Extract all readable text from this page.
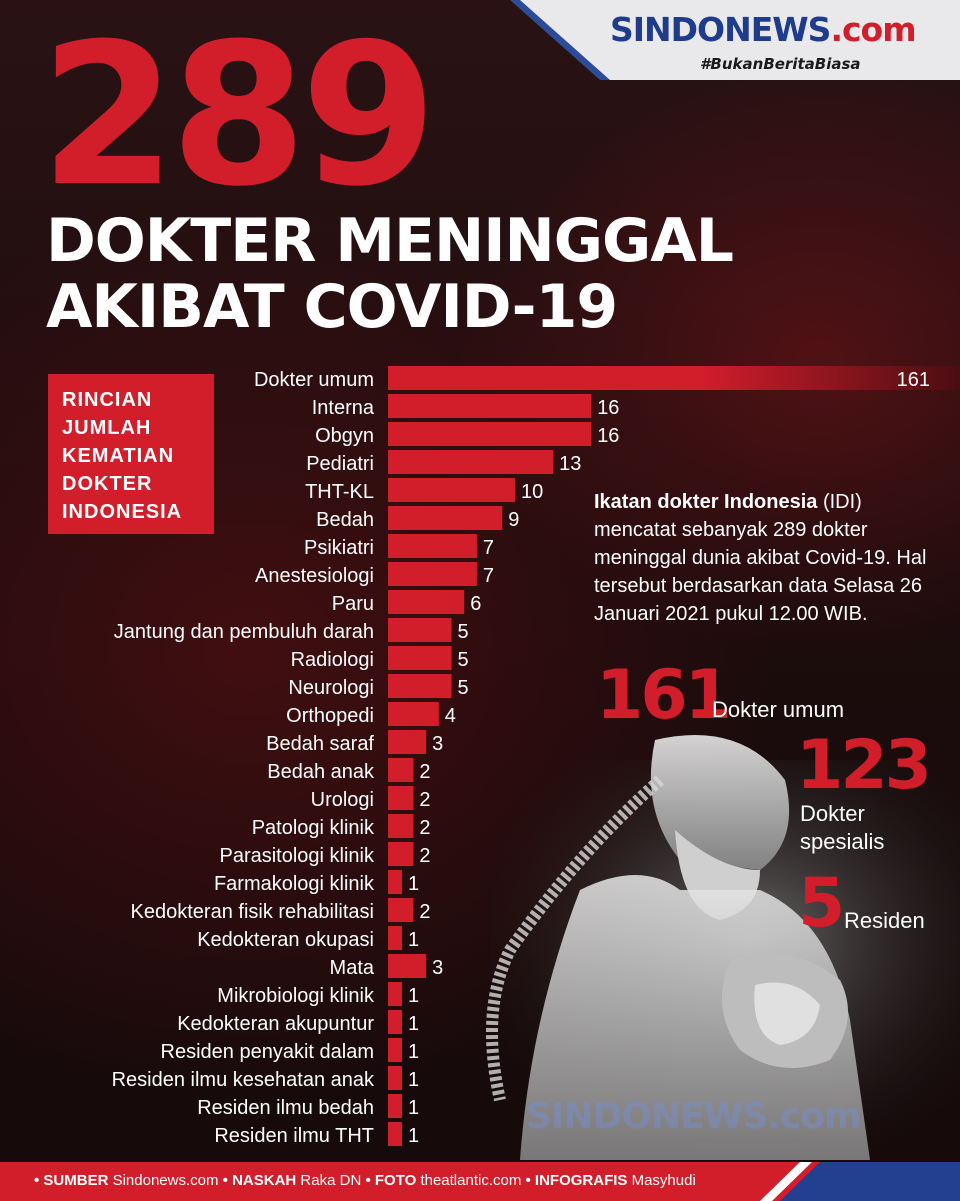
SINDONEWS.com
#BukanBeritaBiasa
289
DOKTER MENINGGAL
AKIBAT COVID-19
RINCIAN
JUMLAH
KEMATIAN
DOKTER
INDONESIA
SINDONEWS.com
Dokter umum	161
Interna	16
Obgyn	16
Pediatri	13
THT-KL	10
Bedah	9
Psikiatri	7
Anestesiologi	7
Paru	6
Jantung dan pembuluh darah	5
Radiologi	5
Neurologi	5
Orthopedi	4
Bedah saraf	3
Bedah anak 2
Urologi 2
Patologi klinik 2
Parasitologi klinik 2
Farmakologi klinik 1
Kedokteran fisik rehabilitasi 2
Kedokteran okupasi 1
Mata	3
Mikrobiologi klinik 1
Kedokteran akupuntur 1
Residen penyakit dalam 1
Residen ilmu kesehatan anak 1
Residen ilmu bedah 1
Residen ilmu THT 1
Ikatan dokter Indonesia (IDI) mencatat sebanyak 289 dokter meninggal dunia akibat Covid-19. Hal tersebut berdasarkan data Selasa 26 Januari 2021 pukul 12.00 WIB.
161
Dokter umum
123
Dokter
spesialis
5 Residen
• SUMBER Sindonews.com • NASKAH Raka DN • FOTO theatlantic.com • INFOGRAFIS Masyhudi
